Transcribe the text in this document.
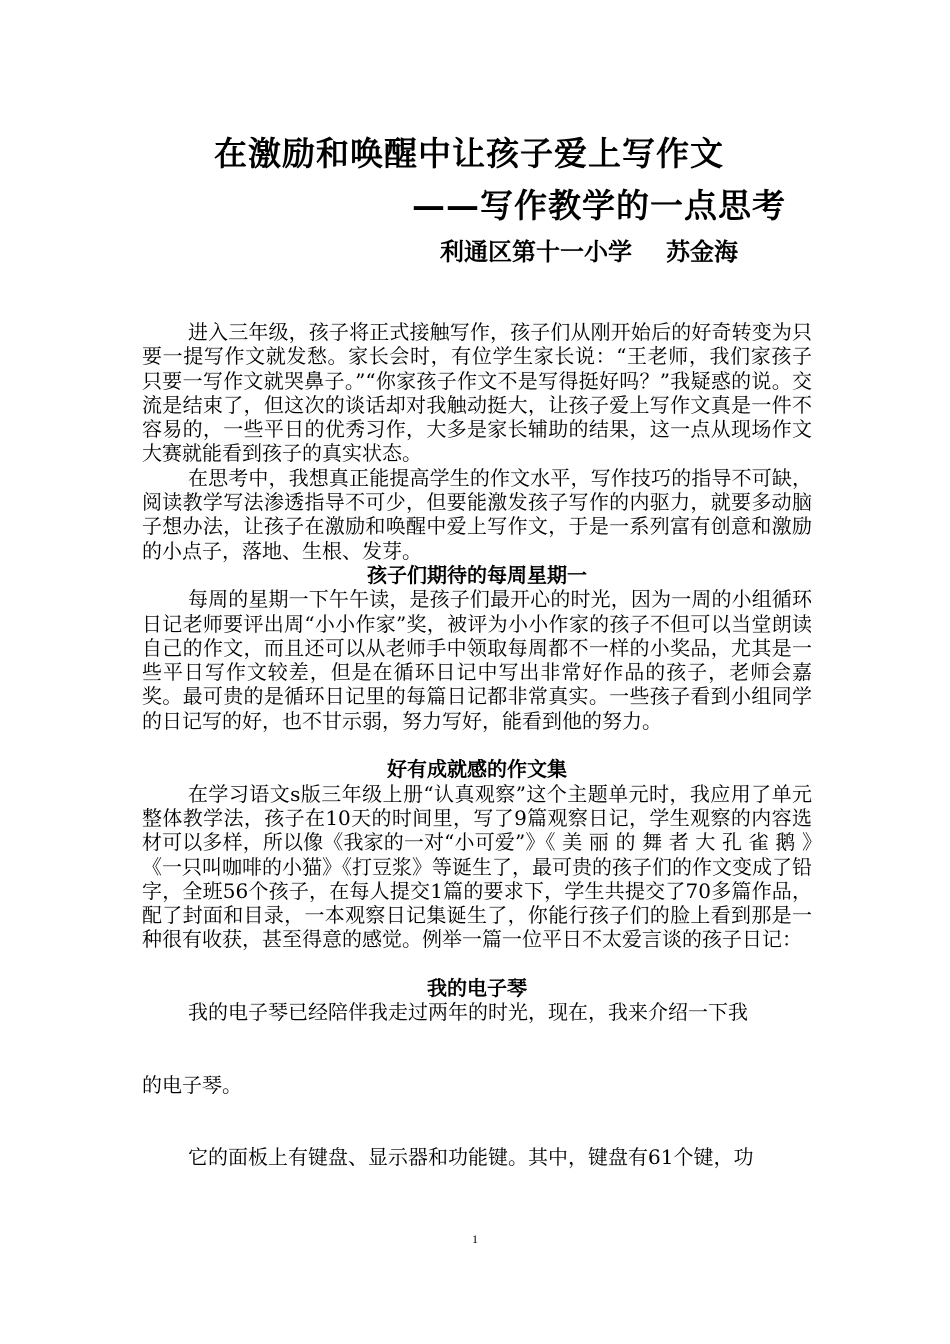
在激励和唤醒中让孩子爱上写作文
——写作教学的一点思考
利通区第十一小学 苏金海

进入三年级，孩子将正式接触写作，孩子们从刚开始后的好奇转变为只要一提写作文就发愁。家长会时，有位学生家长说：“王老师，我们家孩子只要一写作文就哭鼻子。”“你家孩子作文不是写得挺好吗？”我疑惑的说。交流是结束了，但这次的谈话却对我触动挺大，让孩子爱上写作文真是一件不容易的，一些平日的优秀习作，大多是家长辅助的结果，这一点从现场作文大赛就能看到孩子的真实状态。

在思考中，我想真正能提高学生的作文水平，写作技巧的指导不可缺，阅读教学写法渗透指导不可少，但要能激发孩子写作的内驱力，就要多动脑子想办法，让孩子在激励和唤醒中爱上写作文，于是一系列富有创意和激励的小点子，落地、生根、发芽。

孩子们期待的每周星期一

每周的星期一下午午读，是孩子们最开心的时光，因为一周的小组循环日记老师要评出周“小小作家”奖，被评为小小作家的孩子不但可以当堂朗读自己的作文，而且还可以从老师手中领取每周都不一样的小奖品，尤其是一些平日写作文较差，但是在循环日记中写出非常好作品的孩子，老师会嘉奖。最可贵的是循环日记里的每篇日记都非常真实。一些孩子看到小组同学的日记写的好，也不甘示弱，努力写好，能看到他的努力。

好有成就感的作文集

在学习语文s版三年级上册“认真观察”这个主题单元时，我应用了单元整体教学法，孩子在10天的时间里，写了9篇观察日记，学生观察的内容选材可以多样，所以像《我家的一对“小可爱”》《 美 丽 的 舞 者 大 孔 雀 鹅 》《一只叫咖啡的小猫》《打豆浆》等诞生了，最可贵的孩子们的作文变成了铅字，全班56个孩子，在每人提交1篇的要求下，学生共提交了70多篇作品，配了封面和目录，一本观察日记集诞生了，你能行孩子们的脸上看到那是一种很有收获，甚至得意的感觉。例举一篇一位平日不太爱言谈的孩子日记：

我的电子琴

我的电子琴已经陪伴我走过两年的时光，现在，我来介绍一下我

的电子琴。

它的面板上有键盘、显示器和功能键。其中，键盘有61个键，功

1
